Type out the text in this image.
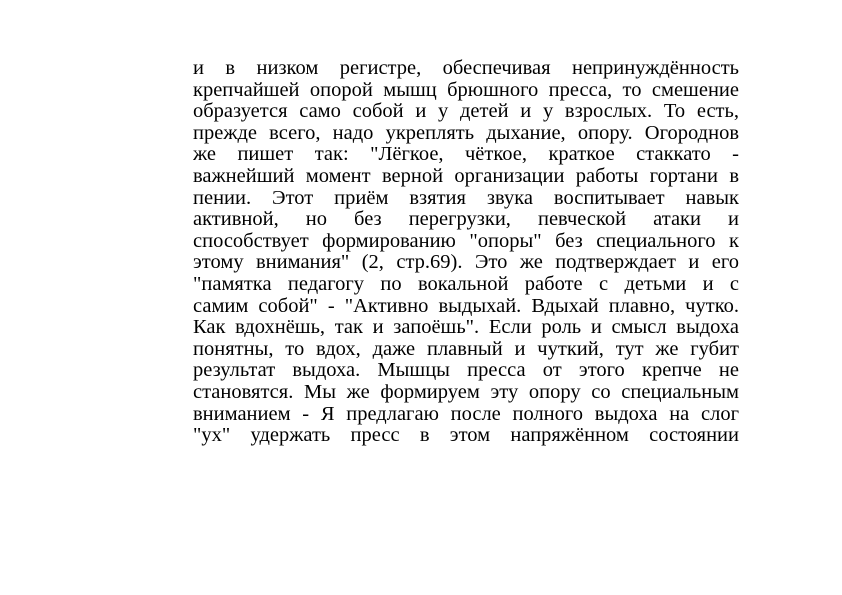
и в низком регистре, обеспечивая непринуждённость
крепчайшей опорой мышц брюшного пресса, то смешение
образуется само собой и у детей и у взрослых. То есть,
прежде всего, надо укреплять дыхание, опору. Огороднов
же пишет так: "Лёгкое, чёткое, краткое стаккато -
важнейший момент верной организации работы гортани в
пении. Этот приём взятия звука воспитывает навык
активной, но без перегрузки, певческой атаки и
способствует формированию "опоры" без специального к
этому внимания" (2, стр.69). Это же подтверждает и его
"памятка педагогу по вокальной работе с детьми и с
самим собой" - "Активно выдыхай. Вдыхай плавно, чутко.
Как вдохнёшь, так и запоёшь". Если роль и смысл выдоха
понятны, то вдох, даже плавный и чуткий, тут же губит
результат выдоха. Мышцы пресса от этого крепче не
становятся. Мы же формируем эту опору со специальным
вниманием - Я предлагаю после полного выдоха на слог
"ух" удержать пресс в этом напряжённом состоянии
